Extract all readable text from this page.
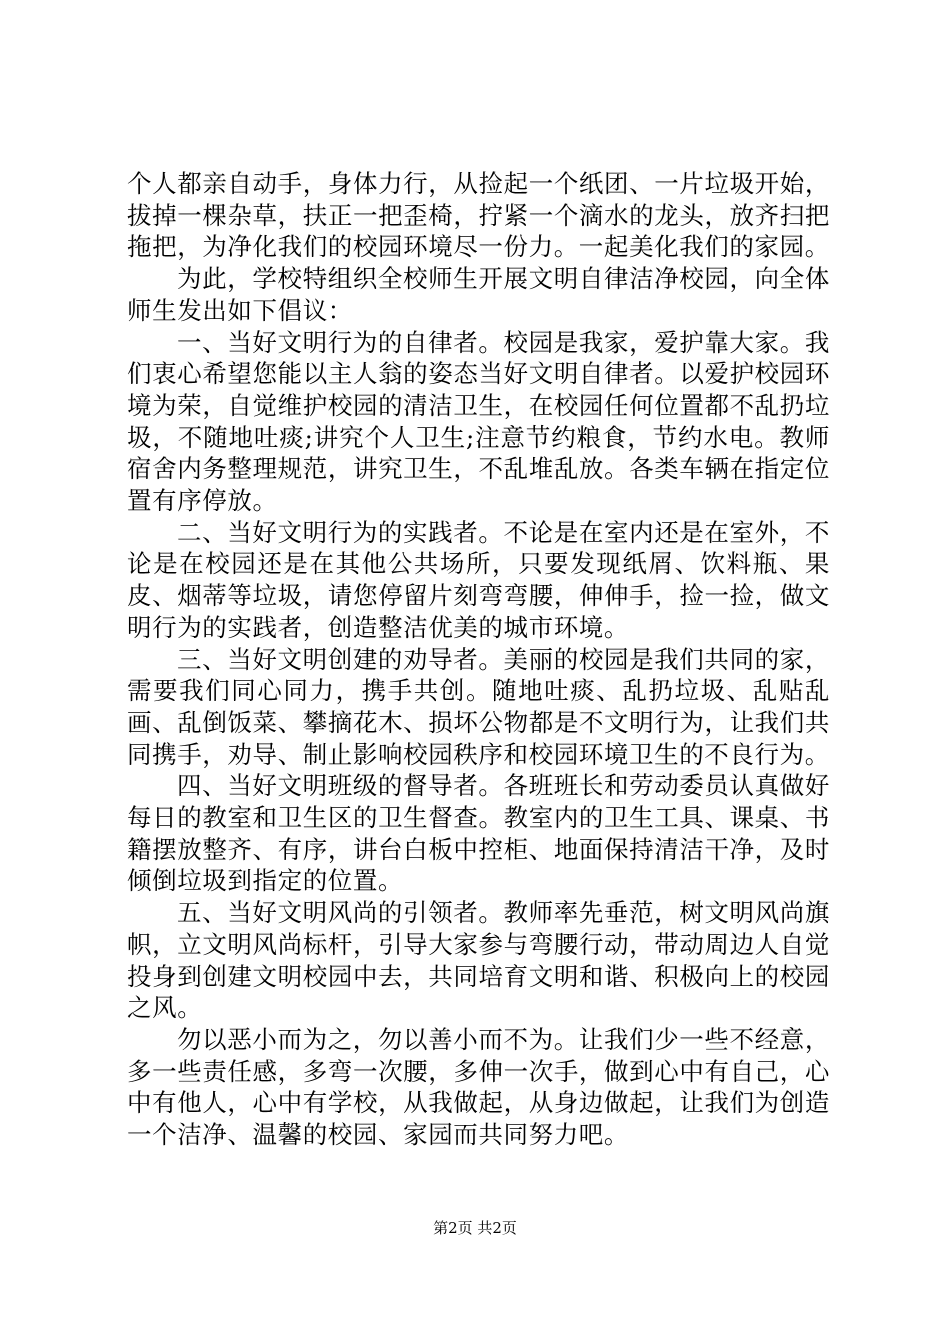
个人都亲自动手，身体力行，从捡起一个纸团、一片垃圾开始，拔掉一棵杂草，扶正一把歪椅，拧紧一个滴水的龙头，放齐扫把拖把，为净化我们的校园环境尽一份力。一起美化我们的家园。

为此，学校特组织全校师生开展文明自律洁净校园，向全体师生发出如下倡议：

一、当好文明行为的自律者。校园是我家，爱护靠大家。我们衷心希望您能以主人翁的姿态当好文明自律者。以爱护校园环境为荣，自觉维护校园的清洁卫生，在校园任何位置都不乱扔垃圾，不随地吐痰;讲究个人卫生;注意节约粮食，节约水电。教师宿舍内务整理规范，讲究卫生，不乱堆乱放。各类车辆在指定位置有序停放。

二、当好文明行为的实践者。不论是在室内还是在室外，不论是在校园还是在其他公共场所，只要发现纸屑、饮料瓶、果皮、烟蒂等垃圾，请您停留片刻弯弯腰，伸伸手，捡一捡，做文明行为的实践者，创造整洁优美的城市环境。

三、当好文明创建的劝导者。美丽的校园是我们共同的家，需要我们同心同力，携手共创。随地吐痰、乱扔垃圾、乱贴乱画、乱倒饭菜、攀摘花木、损坏公物都是不文明行为，让我们共同携手，劝导、制止影响校园秩序和校园环境卫生的不良行为。

四、当好文明班级的督导者。各班班长和劳动委员认真做好每日的教室和卫生区的卫生督查。教室内的卫生工具、课桌、书籍摆放整齐、有序，讲台白板中控柜、地面保持清洁干净，及时倾倒垃圾到指定的位置。

五、当好文明风尚的引领者。教师率先垂范，树文明风尚旗帜，立文明风尚标杆，引导大家参与弯腰行动，带动周边人自觉投身到创建文明校园中去，共同培育文明和谐、积极向上的校园之风。

勿以恶小而为之，勿以善小而不为。让我们少一些不经意，多一些责任感，多弯一次腰，多伸一次手，做到心中有自己，心中有他人，心中有学校，从我做起，从身边做起，让我们为创造一个洁净、温馨的校园、家园而共同努力吧。

第2页 共2页
